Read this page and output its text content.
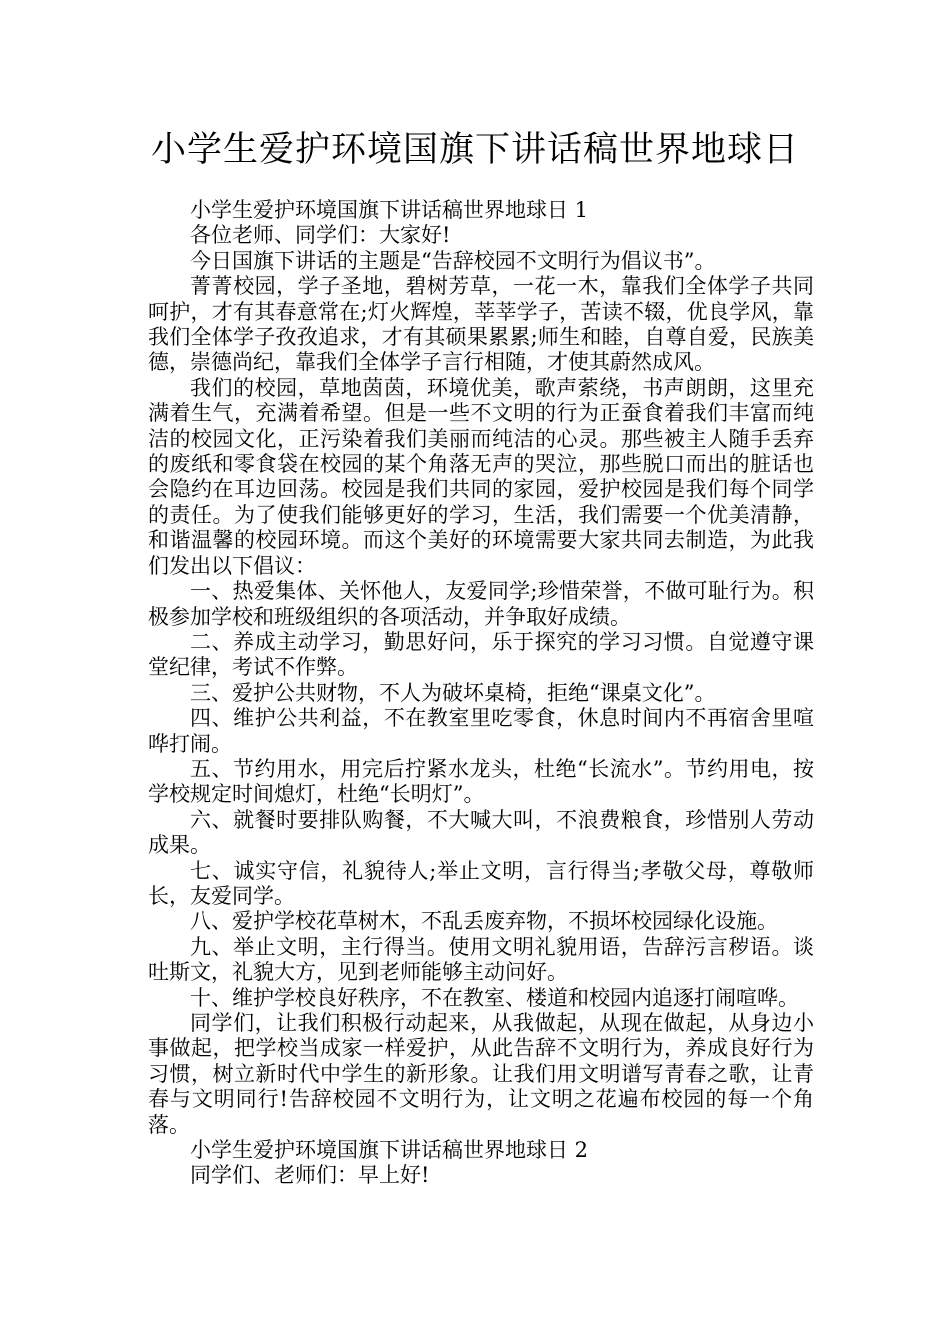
小学生爱护环境国旗下讲话稿世界地球日

小学生爱护环境国旗下讲话稿世界地球日 1

各位老师、同学们：大家好!

今日国旗下讲话的主题是“告辞校园不文明行为倡议书”。

菁菁校园，学子圣地，碧树芳草，一花一木，靠我们全体学子共同呵护，才有其春意常在;灯火辉煌，莘莘学子，苦读不辍，优良学风，靠我们全体学子孜孜追求，才有其硕果累累;师生和睦，自尊自爱，民族美德，崇德尚纪，靠我们全体学子言行相随，才使其蔚然成风。

我们的校园，草地茵茵，环境优美，歌声萦绕，书声朗朗，这里充满着生气，充满着希望。但是一些不文明的行为正蚕食着我们丰富而纯洁的校园文化，正污染着我们美丽而纯洁的心灵。那些被主人随手丢弃的废纸和零食袋在校园的某个角落无声的哭泣，那些脱口而出的脏话也会隐约在耳边回荡。校园是我们共同的家园，爱护校园是我们每个同学的责任。为了使我们能够更好的学习，生活，我们需要一个优美清静，和谐温馨的校园环境。而这个美好的环境需要大家共同去制造，为此我们发出以下倡议：

一、热爱集体、关怀他人，友爱同学;珍惜荣誉，不做可耻行为。积极参加学校和班级组织的各项活动，并争取好成绩。

二、养成主动学习，勤思好问，乐于探究的学习习惯。自觉遵守课堂纪律，考试不作弊。

三、爱护公共财物，不人为破坏桌椅，拒绝“课桌文化”。

四、维护公共利益，不在教室里吃零食，休息时间内不再宿舍里喧哗打闹。

五、节约用水，用完后拧紧水龙头，杜绝“长流水”。节约用电，按学校规定时间熄灯，杜绝“长明灯”。

六、就餐时要排队购餐，不大喊大叫，不浪费粮食，珍惜别人劳动成果。

七、诚实守信，礼貌待人;举止文明，言行得当;孝敬父母，尊敬师长，友爱同学。

八、爱护学校花草树木，不乱丢废弃物，不损坏校园绿化设施。

九、举止文明，主行得当。使用文明礼貌用语，告辞污言秽语。谈吐斯文，礼貌大方，见到老师能够主动问好。

十、维护学校良好秩序，不在教室、楼道和校园内追逐打闹喧哗。

同学们，让我们积极行动起来，从我做起，从现在做起，从身边小事做起，把学校当成家一样爱护，从此告辞不文明行为，养成良好行为习惯，树立新时代中学生的新形象。让我们用文明谱写青春之歌，让青春与文明同行!告辞校园不文明行为，让文明之花遍布校园的每一个角落。

小学生爱护环境国旗下讲话稿世界地球日 2

同学们、老师们：早上好!
